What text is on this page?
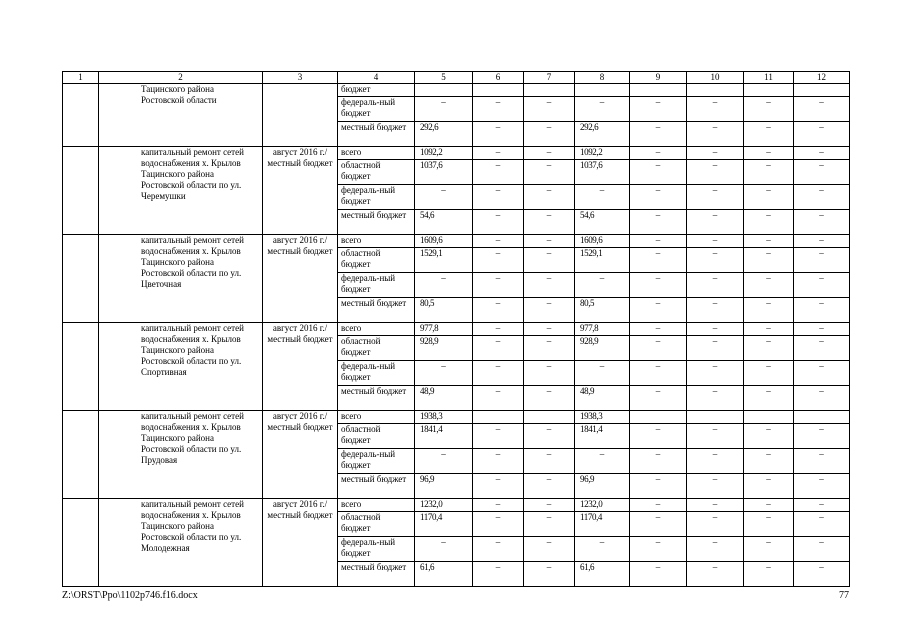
1	2	3	4	5	6	7	8	9	10	11	12
	Тацинского района Ростовской области		бюджет								
			федераль-ный бюджет	–	–	–	–	–	–	–	–
			местный бюджет	292,6	–	–	292,6	–	–	–	–
	капитальный ремонт сетей водоснабжения х. Крылов Тацинского района Ростовской области по ул. Черемушки	август 2016 г./ местный бюджет	всего	1092,2	–	–	1092,2	–	–	–	–
			областной бюджет	1037,6	–	–	1037,6	–	–	–	–
			федераль-ный бюджет	–	–	–	–	–	–	–	–
			местный бюджет	54,6	–	–	54,6	–	–	–	–
	капитальный ремонт сетей водоснабжения х. Крылов Тацинского района Ростовской области по ул. Цветочная	август 2016 г./ местный бюджет	всего	1609,6	–	–	1609,6	–	–	–	–
			областной бюджет	1529,1	–	–	1529,1	–	–	–	–
			федераль-ный бюджет	–	–	–	–	–	–	–	–
			местный бюджет	80,5	–	–	80,5	–	–	–	–
	капитальный ремонт сетей водоснабжения х. Крылов Тацинского района Ростовской области по ул. Спортивная	август 2016 г./ местный бюджет	всего	977,8	–	–	977,8	–	–	–	–
			областной бюджет	928,9	–	–	928,9	–	–	–	–
			федераль-ный бюджет	–	–	–	–	–	–	–	–
			местный бюджет	48,9	–	–	48,9	–	–	–	–
	капитальный ремонт сетей водоснабжения х. Крылов Тацинского района Ростовской области по ул. Прудовая	август 2016 г./ местный бюджет	всего	1938,3			1938,3				
			областной бюджет	1841,4	–	–	1841,4	–	–	–	–
			федераль-ный бюджет	–	–	–	–	–	–	–	–
			местный бюджет	96,9	–	–	96,9	–	–	–	–
	капитальный ремонт сетей водоснабжения х. Крылов Тацинского района Ростовской области по ул. Молодежная	август 2016 г./ местный бюджет	всего	1232,0	–	–	1232,0	–	–	–	–
			областной бюджет	1170,4	–	–	1170,4	–	–	–	–
			федераль-ный бюджет	–	–	–	–	–	–	–	–
			местный бюджет	61,6	–	–	61,6	–	–	–	–
Z:\ORST\Ppo\1102p746.f16.docx	77
